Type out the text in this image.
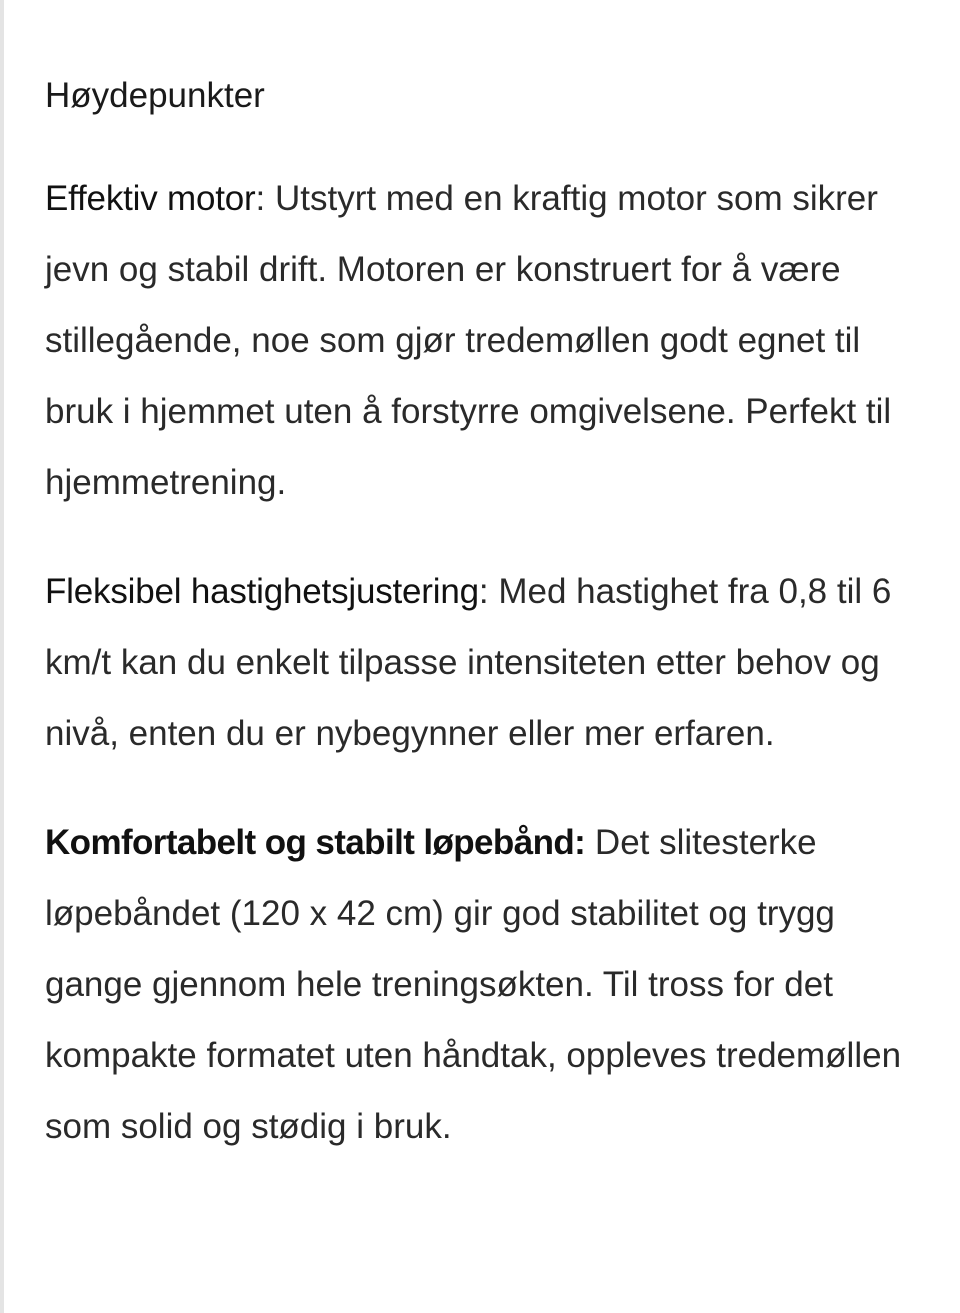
Høydepunkter

Effektiv motor: Utstyrt med en kraftig motor som sikrer jevn og stabil drift. Motoren er konstruert for å være stillegående, noe som gjør tredemøllen godt egnet til bruk i hjemmet uten å forstyrre omgivelsene. Perfekt til hjemmetrening.

Fleksibel hastighetsjustering: Med hastighet fra 0,8 til 6 km/t kan du enkelt tilpasse intensiteten etter behov og nivå, enten du er nybegynner eller mer erfaren.

Komfortabelt og stabilt løpebånd: Det slitesterke løpebåndet (120 x 42 cm) gir god stabilitet og trygg gange gjennom hele treningsøkten. Til tross for det kompakte formatet uten håndtak, oppleves tredemøllen som solid og stødig i bruk.
